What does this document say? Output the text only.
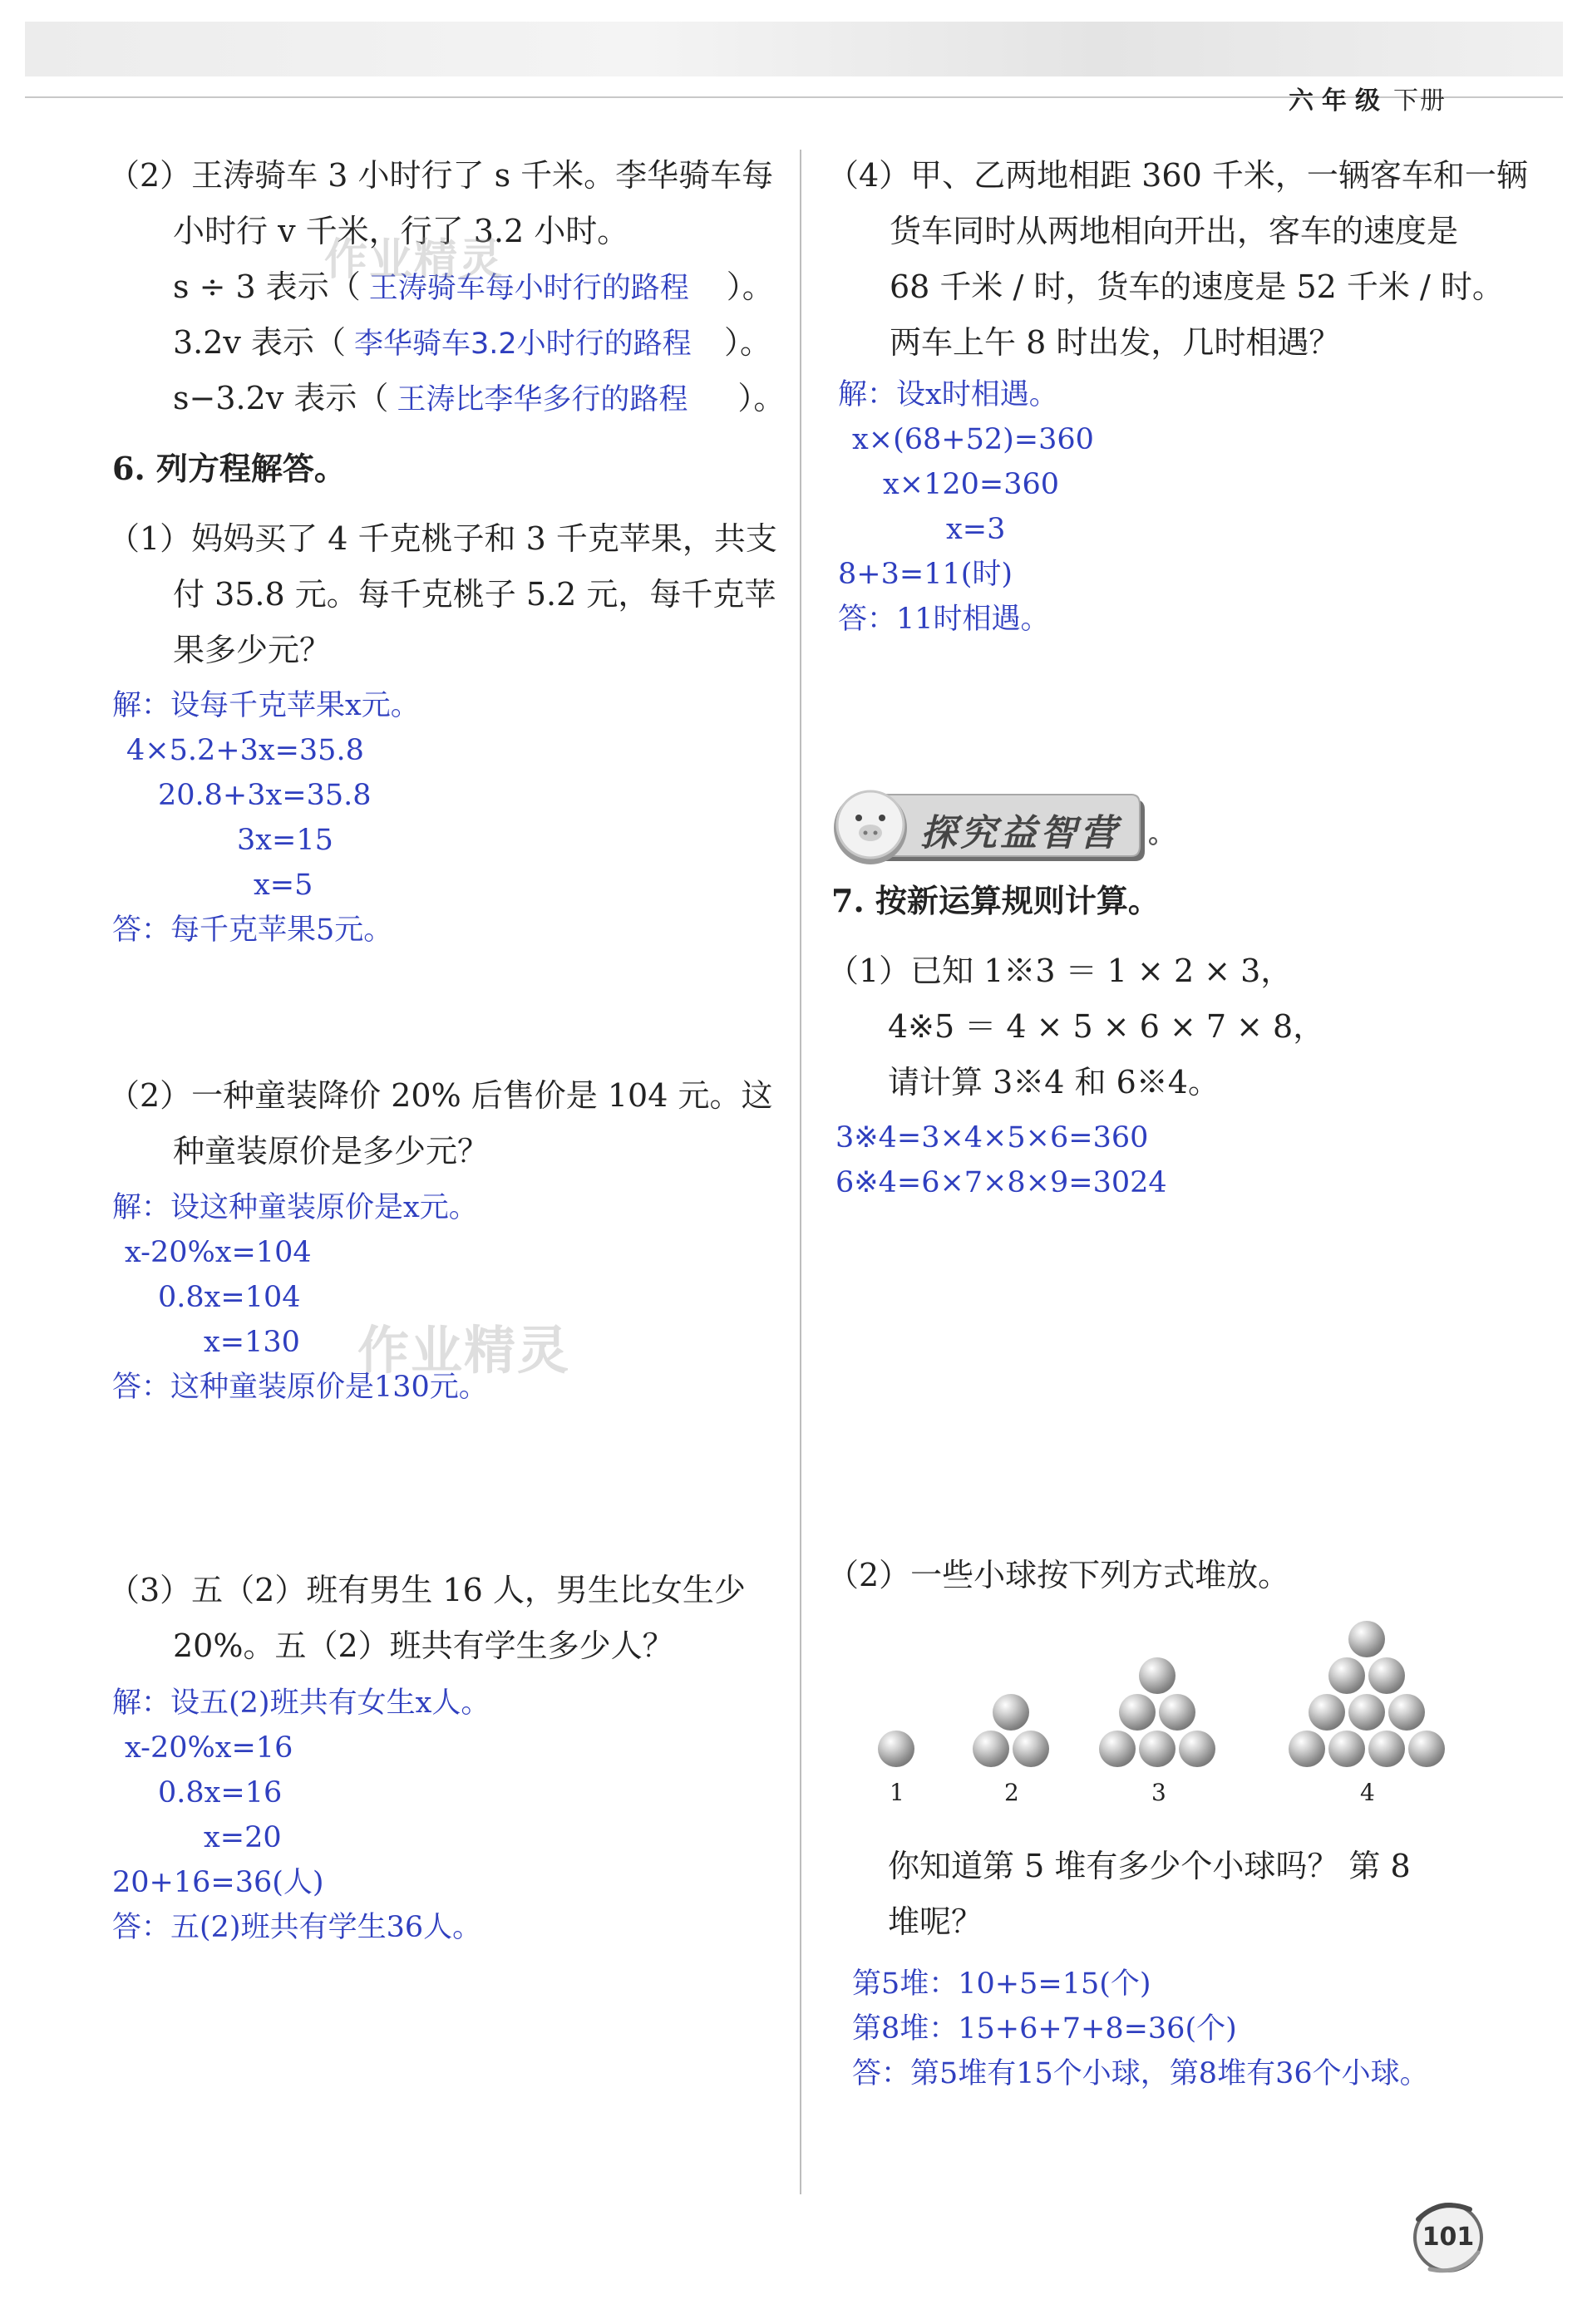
六年级 下册
（2）王涛骑车 3 小时行了 s 千米。李华骑车每
小时行 v 千米，行了 3.2 小时。
s ÷ 3 表示（ 王涛骑车每小时行的路程 ）。
3.2v 表示（ 李华骑车3.2小时行的路程 ）。
s−3.2v 表示（ 王涛比李华多行的路程 ）。
6. 列方程解答。
（1）妈妈买了 4 千克桃子和 3 千克苹果，共支
付 35.8 元。每千克桃子 5.2 元，每千克苹
果多少元？
解：设每千克苹果x元。
4×5.2+3x=35.8
20.8+3x=35.8
3x=15
x=5
答：每千克苹果5元。
（2）一种童装降价 20% 后售价是 104 元。这
种童装原价是多少元？
解：设这种童装原价是x元。
x-20%x=104
0.8x=104
x=130
答：这种童装原价是130元。
（3）五（2）班有男生 16 人，男生比女生少
20%。五（2）班共有学生多少人？
解：设五(2)班共有女生x人。
x-20%x=16
0.8x=16
x=20
20+16=36(人)
答：五(2)班共有学生36人。
作业精灵
作业精灵
（4）甲、乙两地相距 360 千米，一辆客车和一辆
货车同时从两地相向开出，客车的速度是
68 千米 / 时，货车的速度是 52 千米 / 时。
两车上午 8 时出发，几时相遇？
解：设x时相遇。
x×(68+52)=360
x×120=360
x=3
8+3=11(时)
答：11时相遇。
探究益智营
7. 按新运算规则计算。
（1）已知 1※3 ＝ 1 × 2 × 3，
4※5 ＝ 4 × 5 × 6 × 7 × 8，
请计算 3※4 和 6※4。
3※4=3×4×5×6=360
6※4=6×7×8×9=3024
（2）一些小球按下列方式堆放。
1	2	3	4
你知道第 5 堆有多少个小球吗？ 第 8
堆呢？
第5堆：10+5=15(个)
第8堆：15+6+7+8=36(个)
答：第5堆有15个小球，第8堆有36个小球。
101
